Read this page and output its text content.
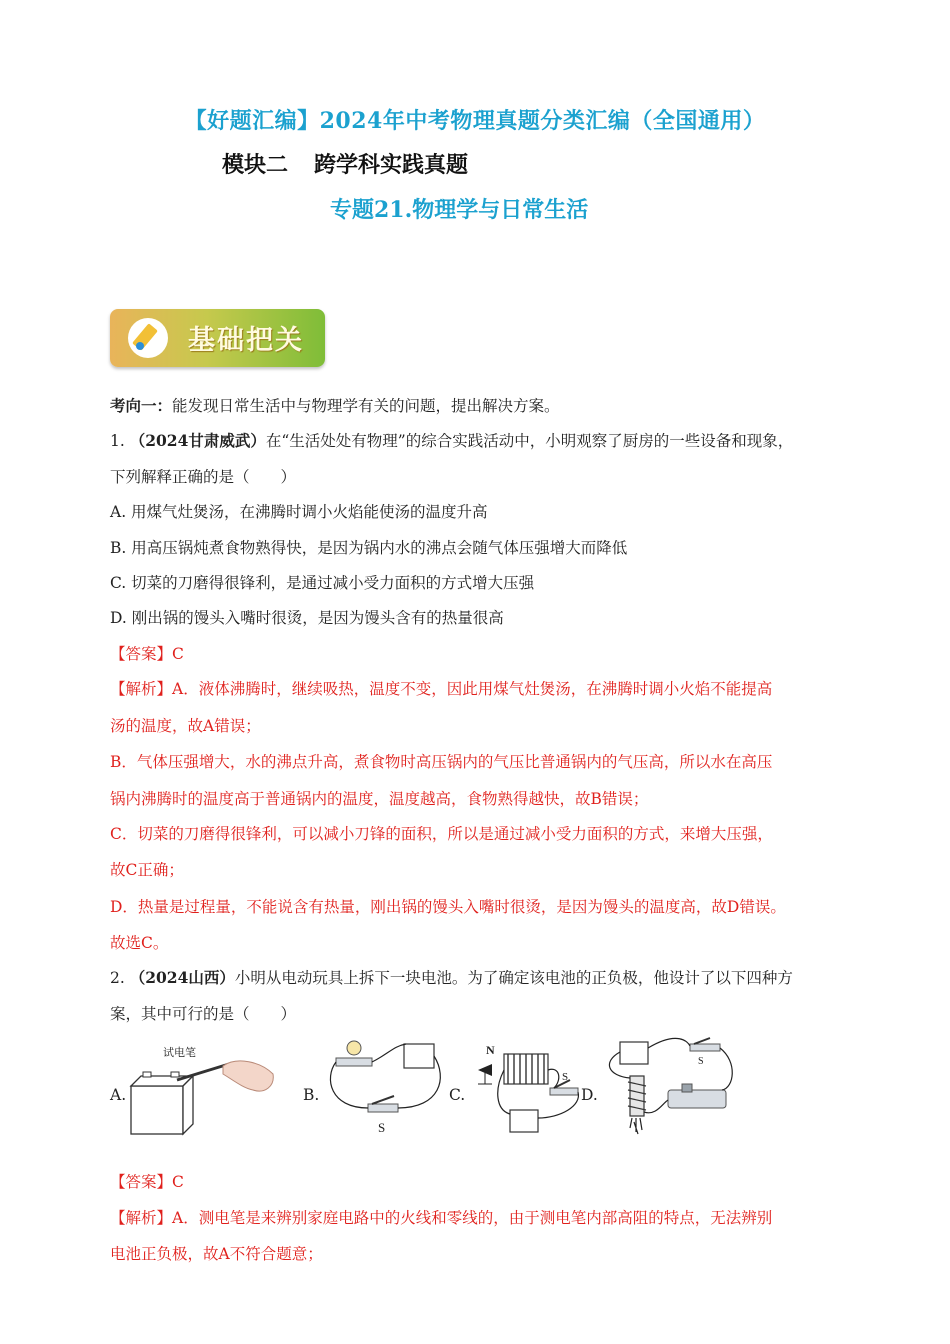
【好题汇编】2024年中考物理真题分类汇编（全国通用）
模块二 跨学科实践真题
专题21.物理学与日常生活
基础把关
考向一：能发现日常生活中与物理学有关的问题，提出解决方案。
1. （2024甘肃威武）在“生活处处有物理”的综合实践活动中，小明观察了厨房的一些设备和现象，
下列解释正确的是（　　）
A. 用煤气灶煲汤，在沸腾时调小火焰能使汤的温度升高
B. 用高压锅炖煮食物熟得快，是因为锅内水的沸点会随气体压强增大而降低
C. 切菜的刀磨得很锋利，是通过减小受力面积的方式增大压强
D. 刚出锅的馒头入嘴时很烫，是因为馒头含有的热量很高
【答案】C
【解析】A．液体沸腾时，继续吸热，温度不变，因此用煤气灶煲汤，在沸腾时调小火焰不能提高
汤的温度，故A错误；
B．气体压强增大，水的沸点升高，煮食物时高压锅内的气压比普通锅内的气压高，所以水在高压
锅内沸腾时的温度高于普通锅内的温度，温度越高，食物熟得越快，故B错误；
C．切菜的刀磨得很锋利，可以减小刀锋的面积，所以是通过减小受力面积的方式，来增大压强，
故C正确；
D．热量是过程量，不能说含有热量，刚出锅的馒头入嘴时很烫，是因为馒头的温度高，故D错误。
故选C。
2. （2024山西）小明从电动玩具上拆下一块电池。为了确定该电池的正负极，他设计了以下四种方
案，其中可行的是（　　）
A.	B.	C.	D.
试电笔
S
N
S
S
【答案】C
【解析】A．测电笔是来辨别家庭电路中的火线和零线的，由于测电笔内部高阻的特点，无法辨别
电池正负极，故A不符合题意；
